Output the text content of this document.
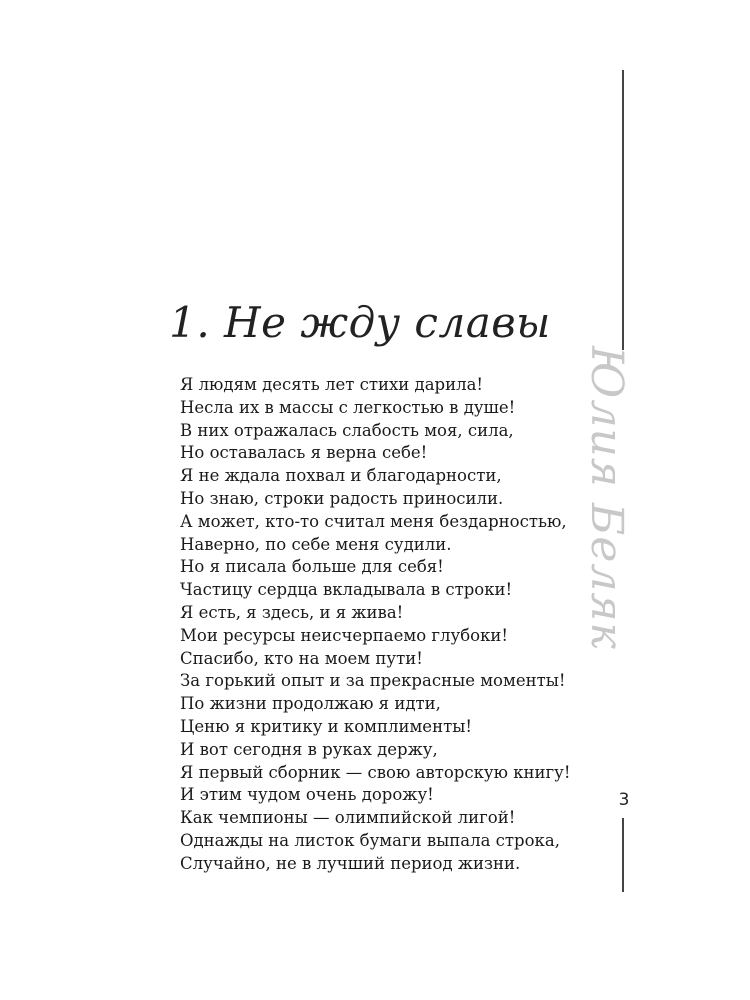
1. Не жду славы
Я людям десять лет стихи дарила!
Несла их в массы с легкостью в душе!
В них отражалась слабость моя, сила,
Но оставалась я верна себе!
Я не ждала похвал и благодарности,
Но знаю, строки радость приносили.
А может, кто-то считал меня бездарностью,
Наверно, по себе меня судили.
Но я писала больше для себя!
Частицу сердца вкладывала в строки!
Я есть, я здесь, и я жива!
Мои ресурсы неисчерпаемо глубоки!
Спасибо, кто на моем пути!
За горький опыт и за прекрасные моменты!
По жизни продолжаю я идти,
Ценю я критику и комплименты!
И вот сегодня в руках держу,
Я первый сборник — свою авторскую книгу!
И этим чудом очень дорожу!
Как чемпионы — олимпийской лигой!
Однажды на листок бумаги выпала строка,
Случайно, не в лучший период жизни.
Юлия Беляк
3
